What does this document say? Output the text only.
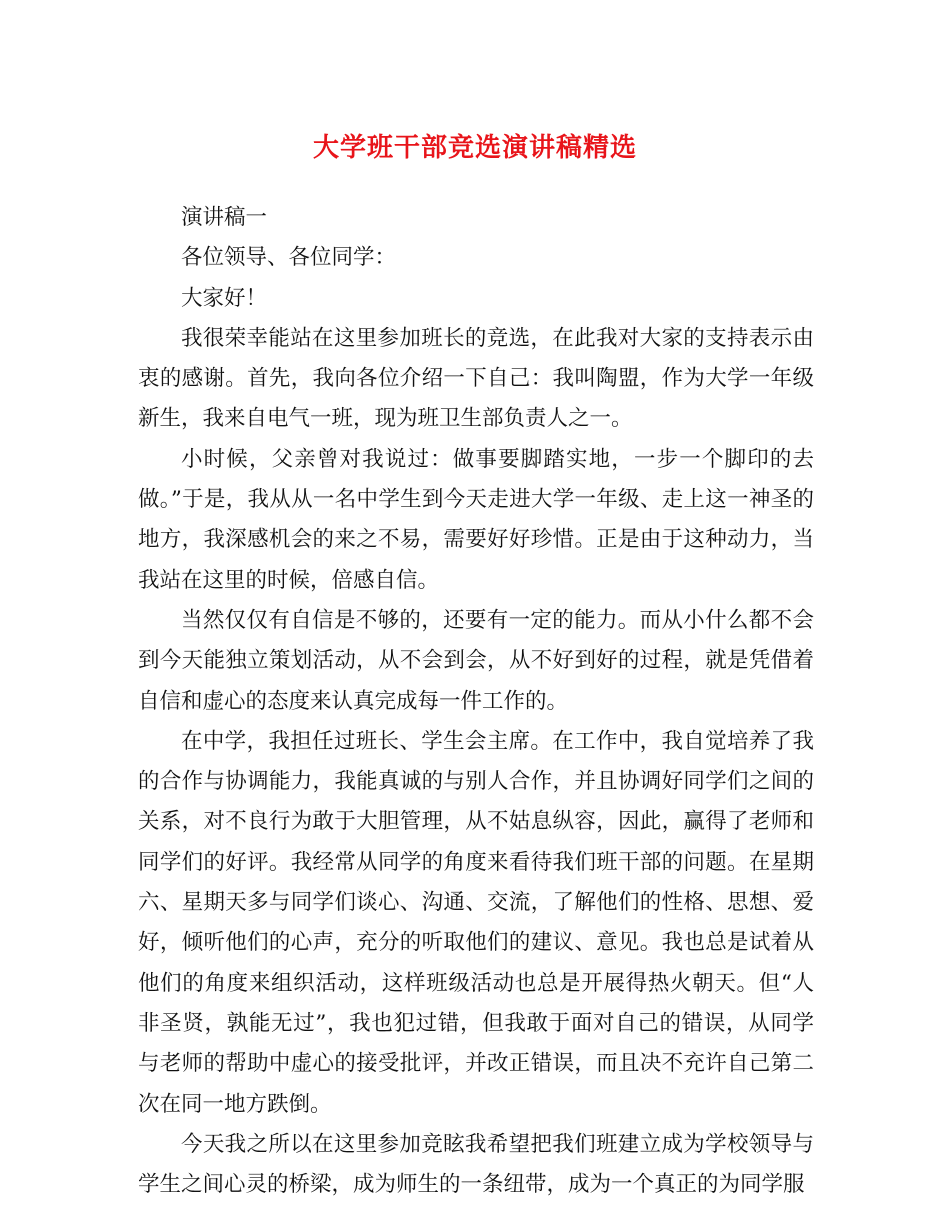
大学班干部竞选演讲稿精选

演讲稿一

各位领导、各位同学：

大家好！

我很荣幸能站在这里参加班长的竞选，在此我对大家的支持表示由衷的感谢。首先，我向各位介绍一下自己：我叫陶盟，作为大学一年级新生，我来自电气一班，现为班卫生部负责人之一。

小时候，父亲曾对我说过：做事要脚踏实地，一步一个脚印的去做。”于是，我从从一名中学生到今天走进大学一年级、走上这一神圣的地方，我深感机会的来之不易，需要好好珍惜。正是由于这种动力，当我站在这里的时候，倍感自信。

当然仅仅有自信是不够的，还要有一定的能力。而从小什么都不会到今天能独立策划活动，从不会到会，从不好到好的过程，就是凭借着自信和虚心的态度来认真完成每一件工作的。

在中学，我担任过班长、学生会主席。在工作中，我自觉培养了我的合作与协调能力，我能真诚的与别人合作，并且协调好同学们之间的关系，对不良行为敢于大胆管理，从不姑息纵容，因此，赢得了老师和同学们的好评。我经常从同学的角度来看待我们班干部的问题。在星期六、星期天多与同学们谈心、沟通、交流，了解他们的性格、思想、爱好，倾听他们的心声，充分的听取他们的建议、意见。我也总是试着从他们的角度来组织活动，这样班级活动也总是开展得热火朝天。但“人非圣贤，孰能无过”，我也犯过错，但我敢于面对自己的错误，从同学与老师的帮助中虚心的接受批评，并改正错误，而且决不充许自己第二次在同一地方跌倒。

今天我之所以在这里参加竞眩我希望把我们班建立成为学校领导与学生之间心灵的桥梁，成为师生的一条纽带，成为一个真正的为同学服
